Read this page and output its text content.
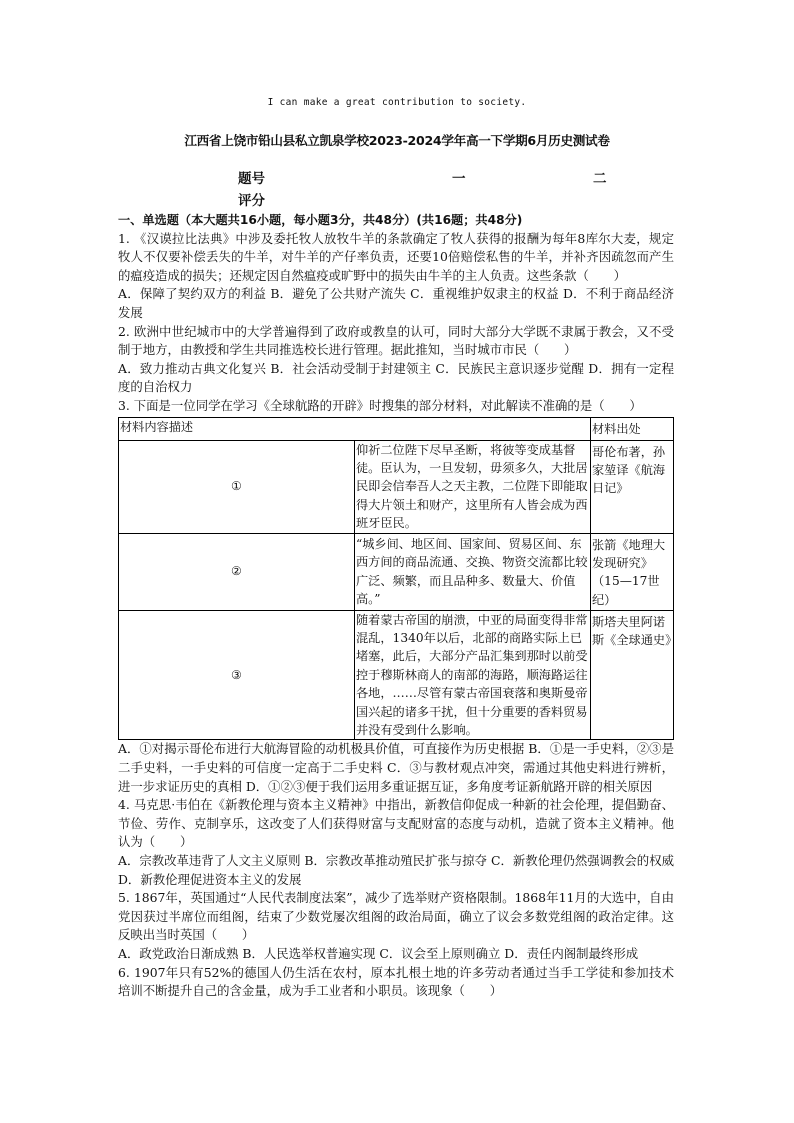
I can make a great contribution to society.
江西省上饶市铅山县私立凯泉学校2023-2024学年高一下学期6月历史测试卷
题号	一	二
评分

一、单选题（本大题共16小题，每小题3分，共48分）(共16题；共48分)

1. 《汉谟拉比法典》中涉及委托牧人放牧牛羊的条款确定了牧人获得的报酬为每年8库尔大麦，规定牧人不仅要补偿丢失的牛羊，对牛羊的产仔率负责，还要10倍赔偿私售的牛羊，并补齐因疏忽而产生的瘟疫造成的损失；还规定因自然瘟疫或旷野中的损失由牛羊的主人负责。这些条款（　　）

A．保障了契约双方的利益 B．避免了公共财产流失 C．重视维护奴隶主的权益 D．不利于商品经济发展

2. 欧洲中世纪城市中的大学普遍得到了政府或教皇的认可，同时大部分大学既不隶属于教会，又不受制于地方，由教授和学生共同推选校长进行管理。据此推知，当时城市市民（　　）

A．致力推动古典文化复兴 B．社会活动受制于封建领主 C．民族民主意识逐步觉醒 D．拥有一定程度的自治权力

3. 下面是一位同学在学习《全球航路的开辟》时搜集的部分材料，对此解读不准确的是（　　）

材料内容描述		材料出处
①	仰祈二位陛下尽早圣断，将彼等变成基督徒。臣认为，一旦发轫，毋须多久，大批居民即会信奉吾人之天主教，二位陛下即能取得大片领土和财产，这里所有人皆会成为西班牙臣民。	哥伦布著，孙家堃译《航海日记》
②	“城乡间、地区间、国家间、贸易区间、东西方间的商品流通、交换、物资交流都比较广泛、频繁，而且品种多、数量大、价值高。”	张箭《地理大发现研究》（15—17世纪）
③	随着蒙古帝国的崩溃，中亚的局面变得非常混乱，1340年以后，北部的商路实际上已堵塞，此后，大部分产品汇集到那时以前受控于穆斯林商人的南部的海路，顺海路运往各地，……尽管有蒙古帝国衰落和奥斯曼帝国兴起的诸多干扰，但十分重要的香料贸易并没有受到什么影响。	斯塔夫里阿诺斯《全球通史》

A．①对揭示哥伦布进行大航海冒险的动机极具价值，可直接作为历史根据 B．①是一手史料，②③是二手史料，一手史料的可信度一定高于二手史料 C．③与教材观点冲突，需通过其他史料进行辨析，进一步求证历史的真相 D．①②③便于我们运用多重证据互证，多角度考证新航路开辟的相关原因

4. 马克思·韦伯在《新教伦理与资本主义精神》中指出，新教信仰促成一种新的社会伦理，提倡勤奋、节俭、劳作、克制享乐，这改变了人们获得财富与支配财富的态度与动机，造就了资本主义精神。他认为（　　）

A．宗教改革违背了人文主义原则 B．宗教改革推动殖民扩张与掠夺 C．新教伦理仍然强调教会的权威 D．新教伦理促进资本主义的发展

5. 1867年，英国通过“人民代表制度法案”，减少了选举财产资格限制。1868年11月的大选中，自由党因获过半席位而组阁，结束了少数党屡次组阁的政治局面，确立了议会多数党组阁的政治定律。这反映出当时英国（　　）

A．政党政治日渐成熟 B．人民选举权普遍实现 C．议会至上原则确立 D．责任内阁制最终形成

6. 1907年只有52%的德国人仍生活在农村，原本扎根土地的许多劳动者通过当手工学徒和参加技术培训不断提升自己的含金量，成为手工业者和小职员。该现象（　　）
